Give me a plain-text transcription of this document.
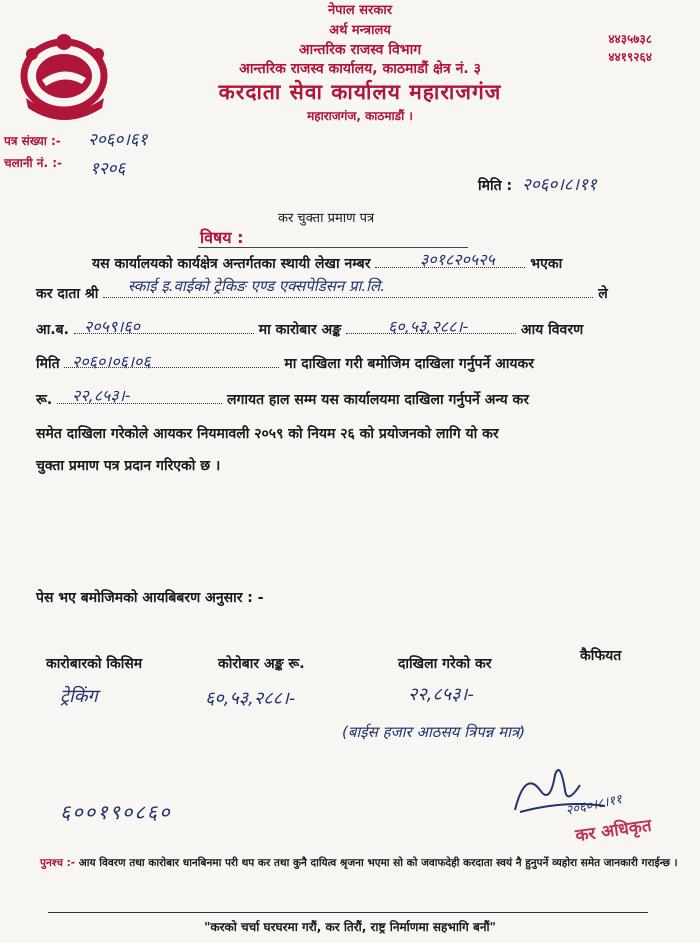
नेपाल सरकार
अर्थ मन्त्रालय
आन्तरिक राजस्व विभाग
आन्तरिक राजस्व कार्यालय, काठमाडौं क्षेत्र नं. ३
करदाता सेवा कार्यालय महाराजगंज
महाराजगंज, काठमाडौं ।
४४३५७३८
४४१९२६४
पत्र संख्या :- २०६०।६१
चलानी नं. :- १२०६
मिति : २०६०।८।११
कर चुक्ता प्रमाण पत्र
विषय :
यस कार्यालयको कार्यक्षेत्र अन्तर्गतका स्थायी लेखा नम्बर	भएका
३०१८२०५२५
कर दाता श्री	ले
स्काई इ.वाईको ट्रेकिङ एण्ड एक्सपेडिसन प्रा.लि.
आ.ब.	मा कारोबार अङ्क	आय विवरण
२०५९।६०	६०,५३,२८८।-
मिति	मा दाखिला गरी बमोजिम दाखिला गर्नुपर्ने आयकर
२०६०।०६।०६
रू.	लगायत हाल सम्म यस कार्यालयमा दाखिला गर्नुपर्ने अन्य कर
२२,८५३।-
समेत दाखिला गरेकोले आयकर नियमावली २०५९ को नियम २६ को प्रयोजनको लागि यो कर
चुक्ता प्रमाण पत्र प्रदान गरिएको छ ।
पेस भए बमोजिमको आयबिबरण अनुसार : -
कारोबारको किसिम	कोरोबार अङ्क रू.	दाखिला गरेको कर	कैफियत
ट्रेकिंग	६०,५३,२८८।-	२२,८५३।-
(बाईस हजार आठसय त्रिपन्न मात्र)
६००१९०८६०	२०६०।८।११
कर अधिकृत
पुनश्च :- आय विवरण तथा कारोबार धानबिनमा परी थप कर तथा कुनै दायित्व श्रृजना भएमा सो को जवाफदेही करदाता स्वयं नै हुनुपर्ने व्यहोरा समेत जानकारी गराईन्छ ।
"करको चर्चा घरघरमा गरौं, कर तिरौं, राष्ट्र निर्माणमा सहभागि बनौं"
